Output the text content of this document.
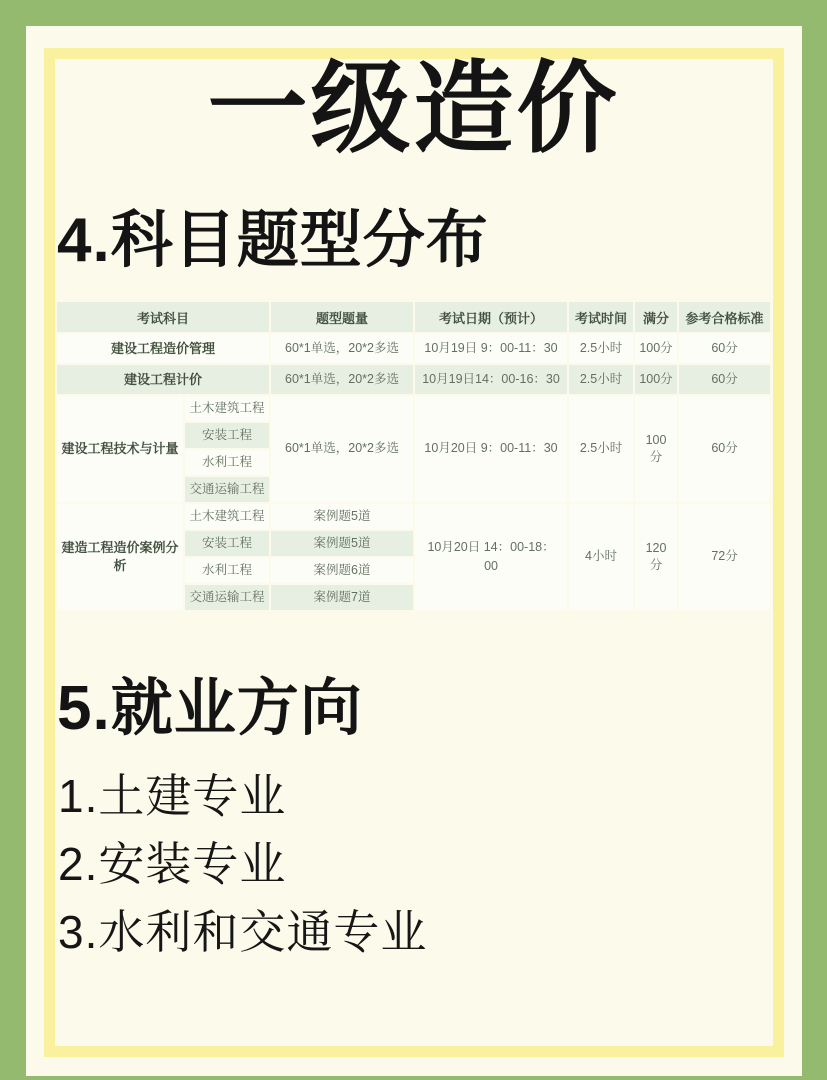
一级造价
4.科目题型分布
考试科目		题型题量	考试日期（预计）	考试时间	满分	参考合格标准
建设工程造价管理		60*1单选，20*2多选	10月19日 9：00-11：30	2.5小时	100分	60分
建设工程计价		60*1单选，20*2多选	10月19日14：00-16：30	2.5小时	100分	60分
建设工程技术与计量	土木建筑工程	60*1单选，20*2多选	10月20日 9：00-11：30	2.5小时	100分	60分
	安装工程					
	水利工程					
	交通运输工程					
建造工程造价案例分析	土木建筑工程	案例题5道	10月20日 14：00-18：00	4小时	120分	72分
	安装工程	案例题5道				
	水利工程	案例题6道				
	交通运输工程	案例题7道				
5.就业方向
1.土建专业
2.安装专业
3.水利和交通专业
